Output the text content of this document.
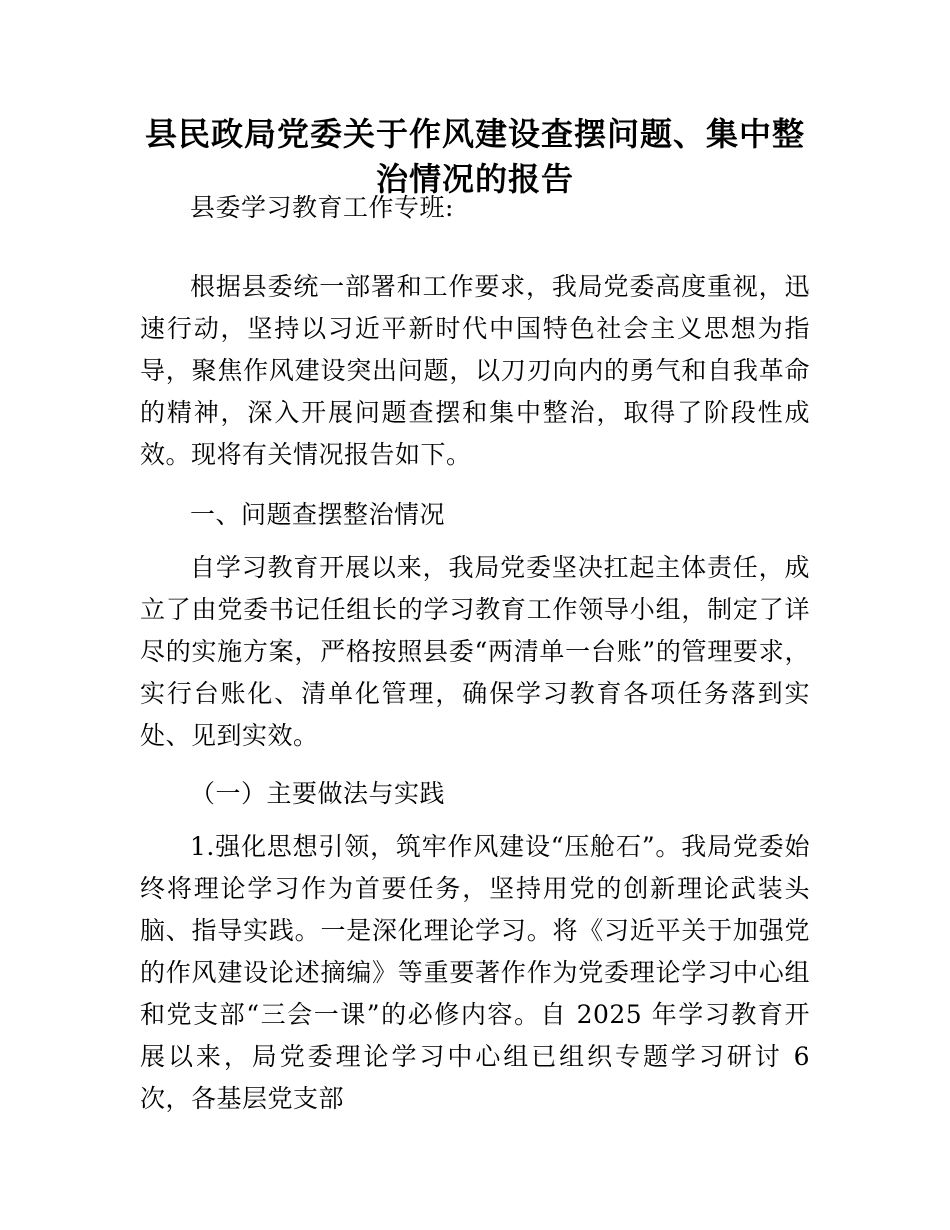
县民政局党委关于作风建设查摆问题、集中整治情况的报告

县委学习教育工作专班:

根据县委统一部署和工作要求，我局党委高度重视，迅速行动，坚持以习近平新时代中国特色社会主义思想为指导，聚焦作风建设突出问题，以刀刃向内的勇气和自我革命的精神，深入开展问题查摆和集中整治，取得了阶段性成效。现将有关情况报告如下。

一、问题查摆整治情况

自学习教育开展以来，我局党委坚决扛起主体责任，成立了由党委书记任组长的学习教育工作领导小组，制定了详尽的实施方案，严格按照县委“两清单一台账”的管理要求，实行台账化、清单化管理，确保学习教育各项任务落到实处、见到实效。

（一）主要做法与实践

1.强化思想引领，筑牢作风建设“压舱石”。我局党委始终将理论学习作为首要任务，坚持用党的创新理论武装头脑、指导实践。一是深化理论学习。将《习近平关于加强党的作风建设论述摘编》等重要著作作为党委理论学习中心组和党支部“三会一课”的必修内容。自 2025 年学习教育开展以来，局党委理论学习中心组已组织专题学习研讨 6 次，各基层党支部
